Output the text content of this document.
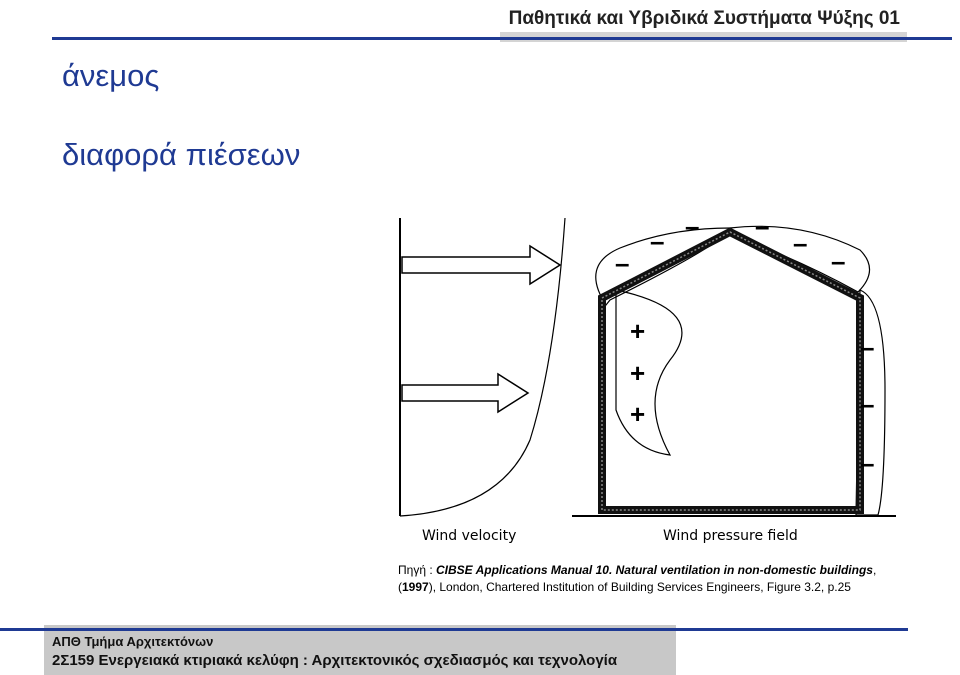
Παθητικά και Υβριδικά Συστήματα Ψύξης 01
άνεμος
διαφορά πιέσεων
+
+
+
–
– – –
–
–
–
–
–
Wind velocity	Wind pressure field
Πηγή : CIBSE Applications Manual 10. Natural ventilation in non-domestic buildings,
(1997), London, Chartered Institution of Building Services Engineers, Figure 3.2, p.25
ΑΠΘ Τμήμα Αρχιτεκτόνων
2Σ159 Ενεργειακά κτιριακά κελύφη : Αρχιτεκτονικός σχεδιασμός και τεχνολογία
